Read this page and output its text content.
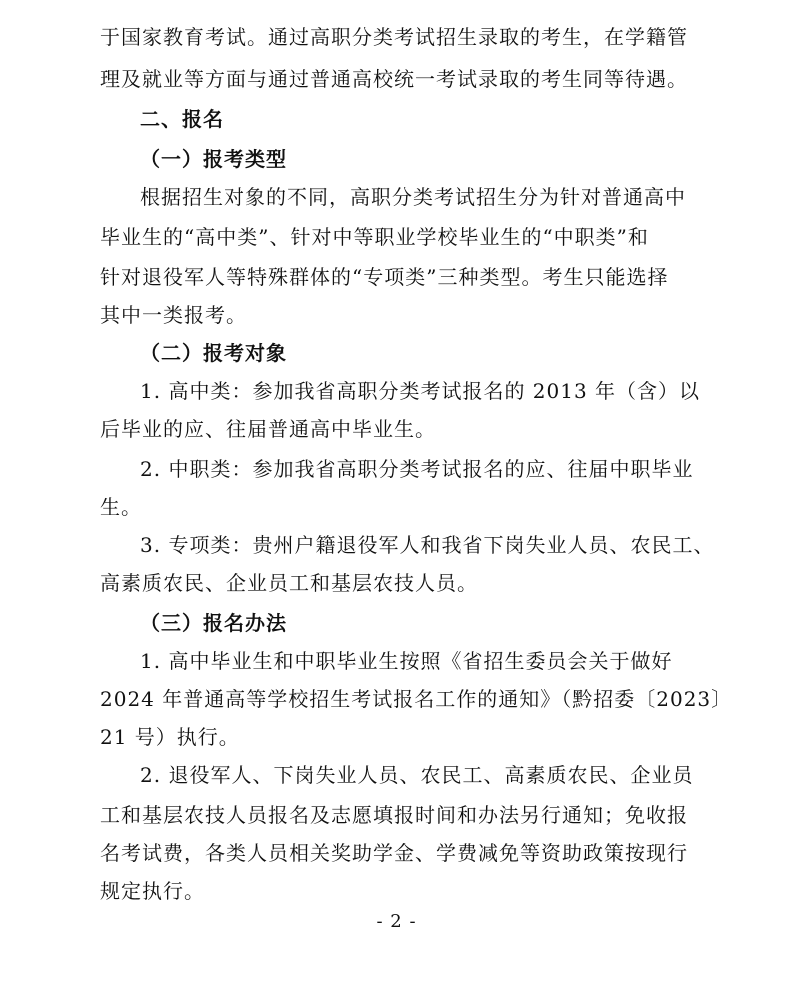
于国家教育考试。通过高职分类考试招生录取的考生，在学籍管
理及就业等方面与通过普通高校统一考试录取的考生同等待遇。
二、报名
（一）报考类型
根据招生对象的不同，高职分类考试招生分为针对普通高中
毕业生的“高中类”、针对中等职业学校毕业生的“中职类”和
针对退役军人等特殊群体的“专项类”三种类型。考生只能选择
其中一类报考。
（二）报考对象
1. 高中类：参加我省高职分类考试报名的 2013 年（含）以
后毕业的应、往届普通高中毕业生。
2. 中职类：参加我省高职分类考试报名的应、往届中职毕业
生。
3. 专项类：贵州户籍退役军人和我省下岗失业人员、农民工、
高素质农民、企业员工和基层农技人员。
（三）报名办法
1. 高中毕业生和中职毕业生按照《省招生委员会关于做好
2024 年普通高等学校招生考试报名工作的通知》（黔招委〔2023〕
21 号）执行。
2. 退役军人、下岗失业人员、农民工、高素质农民、企业员
工和基层农技人员报名及志愿填报时间和办法另行通知；免收报
名考试费，各类人员相关奖助学金、学费减免等资助政策按现行
规定执行。
- 2 -
